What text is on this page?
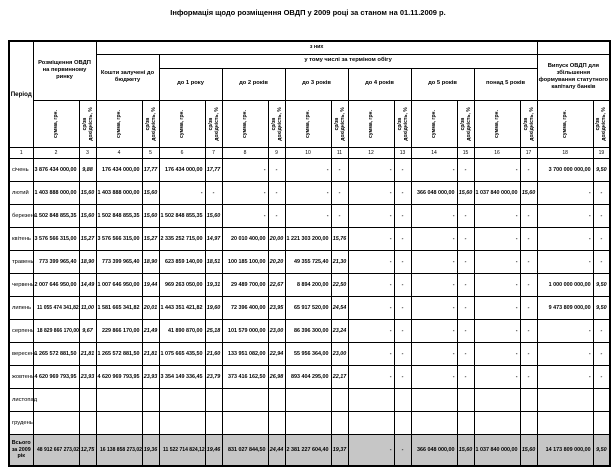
Інформація щодо розміщення ОВДП у 2009 році за станом на 01.11.2009 р.
Період	Розміщення ОВДП на первинному ринку		з них															
			Кошти залучені до бюджету		у тому числі за терміном обігу												Випуск ОВДП для збільшення формування статутного капіталу банків	
					до 1 року		до 2 років		до 3 років		до 4 років		до 5 років		понад 5 років			

	сумма, грн.	ср/зв дохідність, %	сумма, грн.	ср/зв дохідність, %	сумма, грн.	ср/зв дохідність, %	сумма, грн.	ср/зв дохідність, %	сумма, грн.	ср/зв дохідність, %	сумма, грн.	ср/зв дохідність, %	сумма, грн.	ср/зв дохідність, %	сумма, грн.	ср/зв дохідність, %	сумма, грн.	ср/зв дохідність, %

1	2	3	4	5	6	7	8	9	10	11	12	13	14	15	16	17	18	19
січень	3 876 434 000,00	9,88	176 434 000,00	17,77	176 434 000,00	17,77	-	-	-	-	-	-	-	-	-	-	3 700 000 000,00	9,50
лютий	1 403 888 000,00	15,60	1 403 888 000,00	15,60	-	-	-	-	-	-	-	-	366 048 000,00	15,60	1 037 840 000,00	15,60	-	-
березень	1 502 848 855,35	15,60	1 502 848 855,35	15,60	1 502 848 855,35	15,60	-	-	-	-	-	-	-	-	-	-	-	-
квітень	3 576 566 315,00	15,27	3 576 566 315,00	15,27	2 335 252 715,00	14,97	20 010 400,00	20,00	1 221 303 200,00	15,76	-	-	-	-	-	-	-	-
травень	773 399 965,40	18,90	773 399 965,40	18,90	623 859 140,00	18,51	100 185 100,00	20,20	49 355 725,40	21,30	-	-	-	-	-	-	-	-
червень	2 007 646 950,00	14,49	1 007 646 950,00	19,44	969 263 050,00	19,31	29 489 700,00	22,67	8 894 200,00	22,50	-	-	-	-	-	-	1 000 000 000,00	9,50
липень	11 055 474 341,82	11,00	1 581 665 341,82	20,01	1 443 351 421,82	19,60	72 396 400,00	23,95	65 917 520,00	24,54	-	-	-	-	-	-	9 473 809 000,00	9,50
серпень	18 829 866 170,00	9,67	229 866 170,00	21,49	41 890 870,00	25,18	101 579 000,00	23,00	86 396 300,00	23,24	-	-	-	-	-	-	-	-
вересень	1 265 572 881,50	21,81	1 265 572 881,50	21,81	1 075 665 435,50	21,60	133 951 082,00	22,94	55 956 364,00	23,00	-	-	-	-	-	-	-	-
жовтень	4 620 969 793,95	23,93	4 620 969 793,95	23,93	3 354 149 336,45	23,79	373 416 162,50	26,98	893 404 295,00	22,17	-	-	-	-	-	-	-	-
листопад																		
грудень																		
Всього за 2009 рік	48 912 667 273,02	12,75	16 138 858 273,02	19,36	11 522 714 824,12	19,46	831 027 844,50	24,44	2 381 227 604,40	19,37	-	-	366 048 000,00	15,60	1 037 840 000,00	15,60	14 173 809 000,00	9,50
